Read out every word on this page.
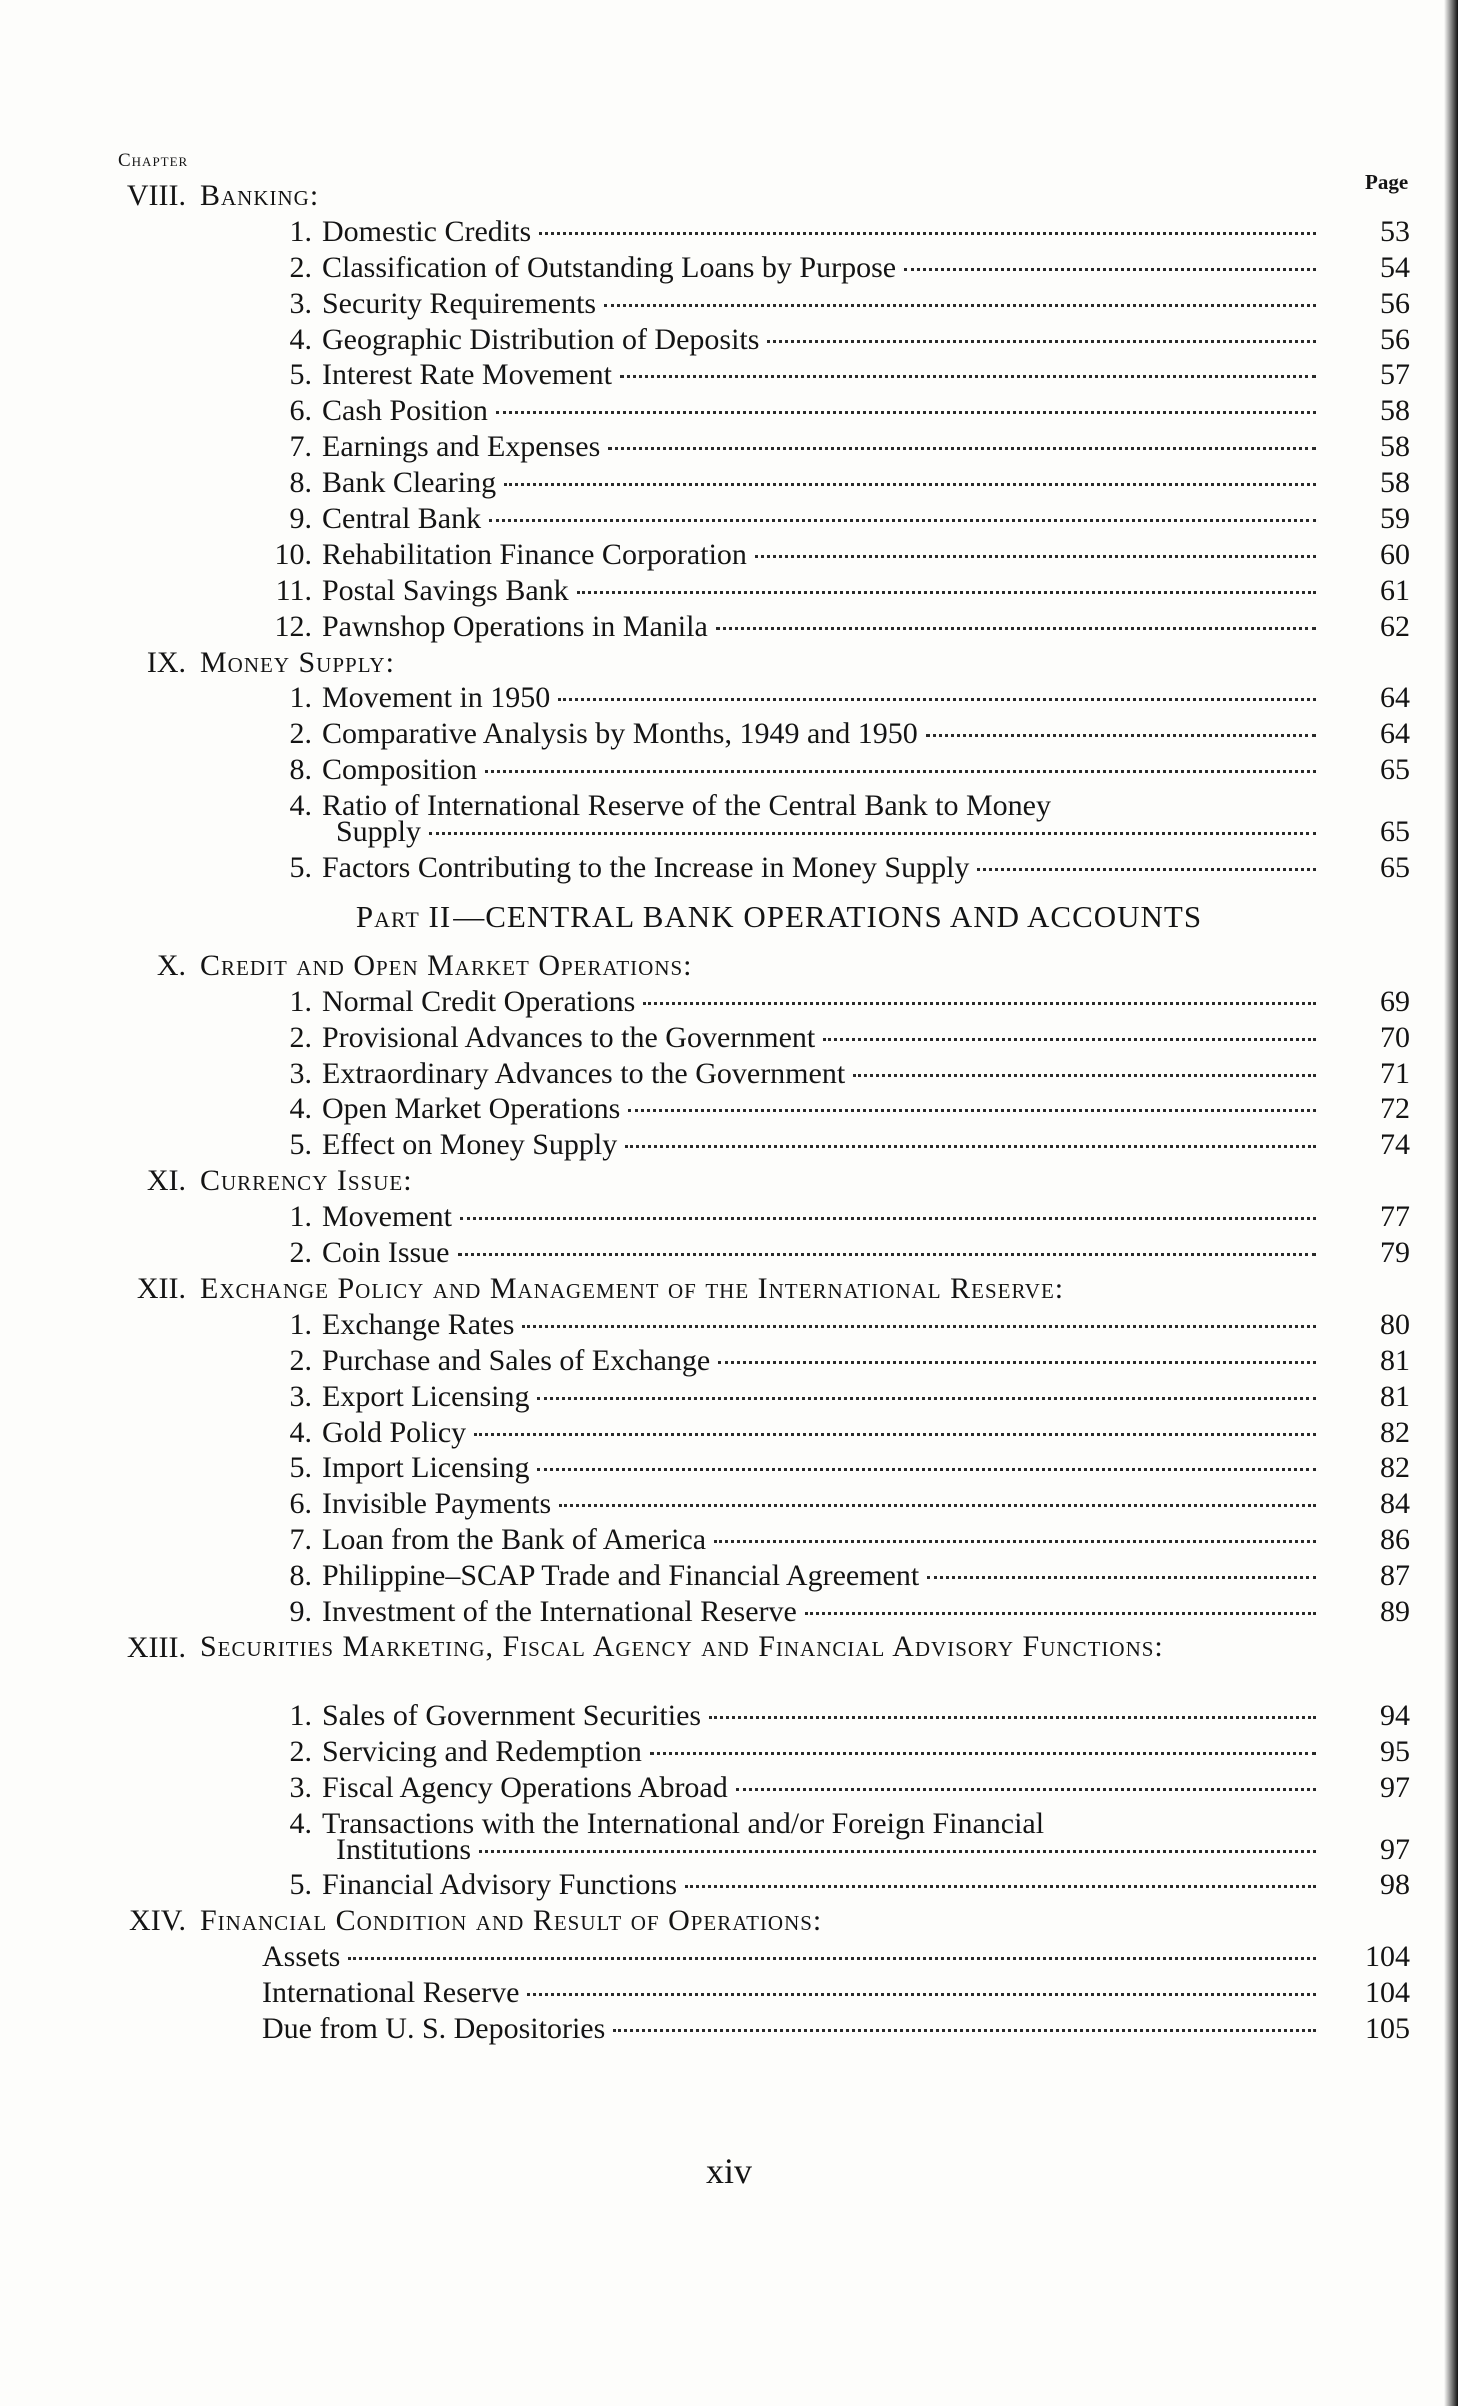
Chapter
Page
VIII. Banking:
1. Domestic Credits	53
2. Classification of Outstanding Loans by Purpose	54
3. Security Requirements	56
4. Geographic Distribution of Deposits	56
5. Interest Rate Movement	57
6. Cash Position	58
7. Earnings and Expenses	58
8. Bank Clearing	58
9. Central Bank	59
10. Rehabilitation Finance Corporation	60
11. Postal Savings Bank	61
12. Pawnshop Operations in Manila	62
IX. Money Supply:
1. Movement in 1950	64
2. Comparative Analysis by Months, 1949 and 1950	64
8. Composition	65
4. Ratio of International Reserve of the Central Bank to Money
Supply	65
5. Factors Contributing to the Increase in Money Supply	65
Part II—CENTRAL BANK OPERATIONS AND ACCOUNTS
X. Credit and Open Market Operations:
1. Normal Credit Operations	69
2. Provisional Advances to the Government	70
3. Extraordinary Advances to the Government	71
4. Open Market Operations	72
5. Effect on Money Supply	74
XI. Currency Issue:
1. Movement	77
2. Coin Issue	79
XII. Exchange Policy and Management of the International Reserve:
1. Exchange Rates	80
2. Purchase and Sales of Exchange	81
3. Export Licensing	81
4. Gold Policy	82
5. Import Licensing	82
6. Invisible Payments	84
7. Loan from the Bank of America	86
8. Philippine–SCAP Trade and Financial Agreement	87
9. Investment of the International Reserve	89
XIII. Securities Marketing, Fiscal Agency and Financial Advisory Functions:
1. Sales of Government Securities	94
2. Servicing and Redemption	95
3. Fiscal Agency Operations Abroad	97
4. Transactions with the International and/or Foreign Financial
Institutions	97
5. Financial Advisory Functions	98
XIV. Financial Condition and Result of Operations:
Assets	104
International Reserve	104
Due from U. S. Depositories	105
xiv
